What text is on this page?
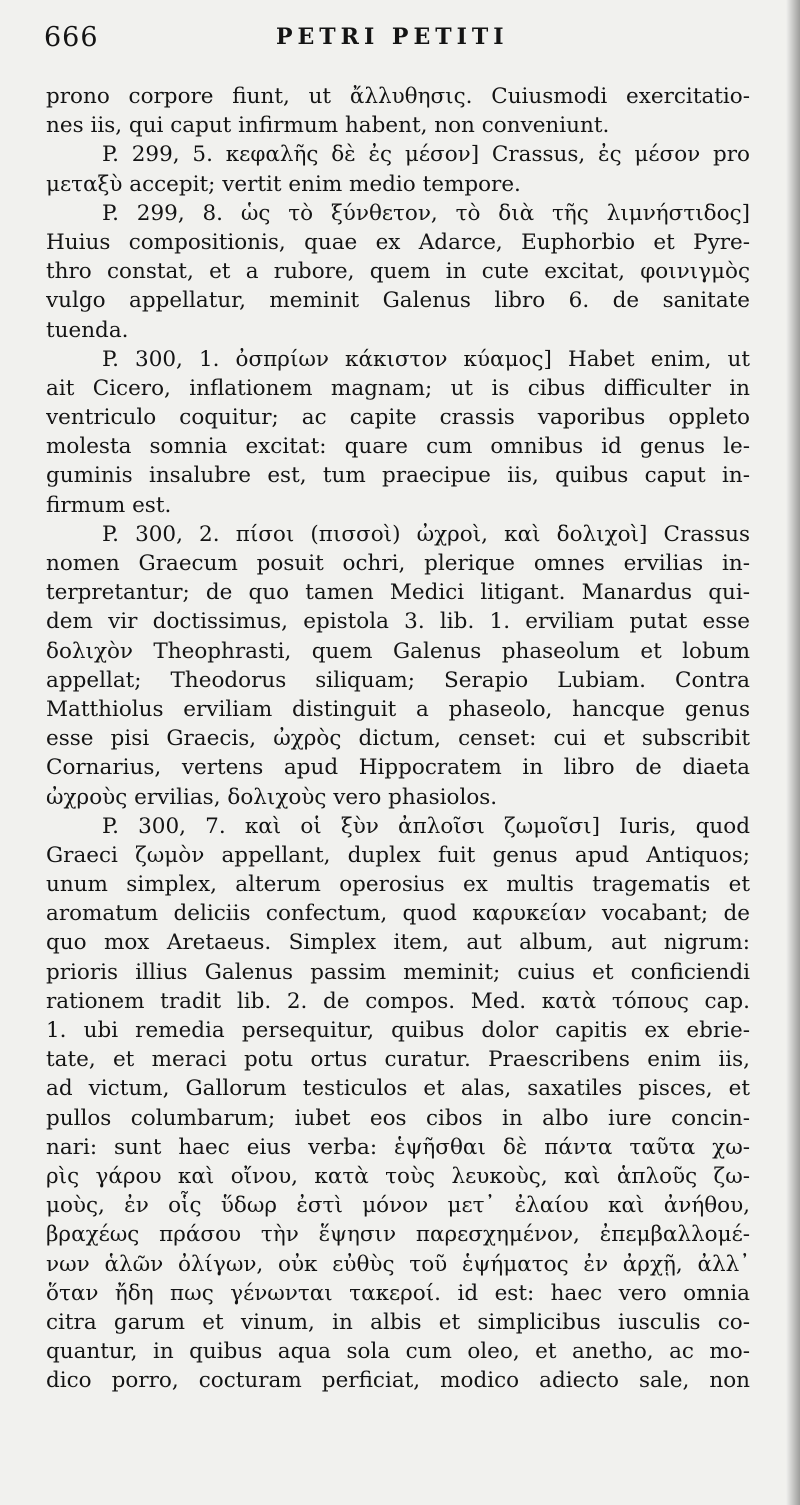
666	PETRI PETITI
prono corpore fiunt, ut ἄλλυθησις. Cuiusmodi exercitatio-
nes iis, qui caput infirmum habent, non conveniunt.
P. 299, 5. κεφαλῆς δὲ ἐς μέσον] Crassus, ἐς μέσον pro
μεταξὺ accepit; vertit enim medio tempore.
P. 299, 8. ὡς τὸ ξύνθετον, τὸ διὰ τῆς λιμνήστιδος]
Huius compositionis, quae ex Adarce, Euphorbio et Pyre-
thro constat, et a rubore, quem in cute excitat, φοινιγμὸς
vulgo appellatur, meminit Galenus libro 6. de sanitate
tuenda.
P. 300, 1. ὀσπρίων κάκιστον κύαμος] Habet enim, ut
ait Cicero, inflationem magnam; ut is cibus difficulter in
ventriculo coquitur; ac capite crassis vaporibus oppleto
molesta somnia excitat: quare cum omnibus id genus le-
guminis insalubre est, tum praecipue iis, quibus caput in-
firmum est.
P. 300, 2. πίσοι (πισσοὶ) ὠχροὶ, καὶ δολιχοὶ] Crassus
nomen Graecum posuit ochri, plerique omnes ervilias in-
terpretantur; de quo tamen Medici litigant. Manardus qui-
dem vir doctissimus, epistola 3. lib. 1. erviliam putat esse
δολιχὸν Theophrasti, quem Galenus phaseolum et lobum
appellat; Theodorus siliquam; Serapio Lubiam. Contra
Matthiolus erviliam distinguit a phaseolo, hancque genus
esse pisi Graecis, ὠχρὸς dictum, censet: cui et subscribit
Cornarius, vertens apud Hippocratem in libro de diaeta
ὠχροὺς ervilias, δολιχοὺς vero phasiolos.
P. 300, 7. καὶ οἱ ξὺν ἀπλοῖσι ζωμοῖσι] Iuris, quod
Graeci ζωμὸν appellant, duplex fuit genus apud Antiquos;
unum simplex, alterum operosius ex multis tragematis et
aromatum deliciis confectum, quod καρυκείαν vocabant; de
quo mox Aretaeus. Simplex item, aut album, aut nigrum:
prioris illius Galenus passim meminit; cuius et conficiendi
rationem tradit lib. 2. de compos. Med. κατὰ τόπους cap.
1. ubi remedia persequitur, quibus dolor capitis ex ebrie-
tate, et meraci potu ortus curatur. Praescribens enim iis,
ad victum, Gallorum testiculos et alas, saxatiles pisces, et
pullos columbarum; iubet eos cibos in albo iure concin-
nari: sunt haec eius verba: ἑψῆσθαι δὲ πάντα ταῦτα χω-
ρὶς γάρου καὶ οἴνου, κατὰ τοὺς λευκοὺς, καὶ ἁπλοῦς ζω-
μοὺς, ἐν οἷς ὕδωρ ἐστὶ μόνον μετ᾿ ἐλαίου καὶ ἀνήθου,
βραχέως πράσου τὴν ἕψησιν παρεσχημένον, ἐπεμβαλλομέ-
νων ἁλῶν ὀλίγων, οὐκ εὐθὺς τοῦ ἑψήματος ἐν ἀρχῇ, ἀλλ᾿
ὅταν ἤδη πως γένωνται τακεροί. id est: haec vero omnia
citra garum et vinum, in albis et simplicibus iusculis co-
quantur, in quibus aqua sola cum oleo, et anetho, ac mo-
dico porro, cocturam perficiat, modico adiecto sale, non
